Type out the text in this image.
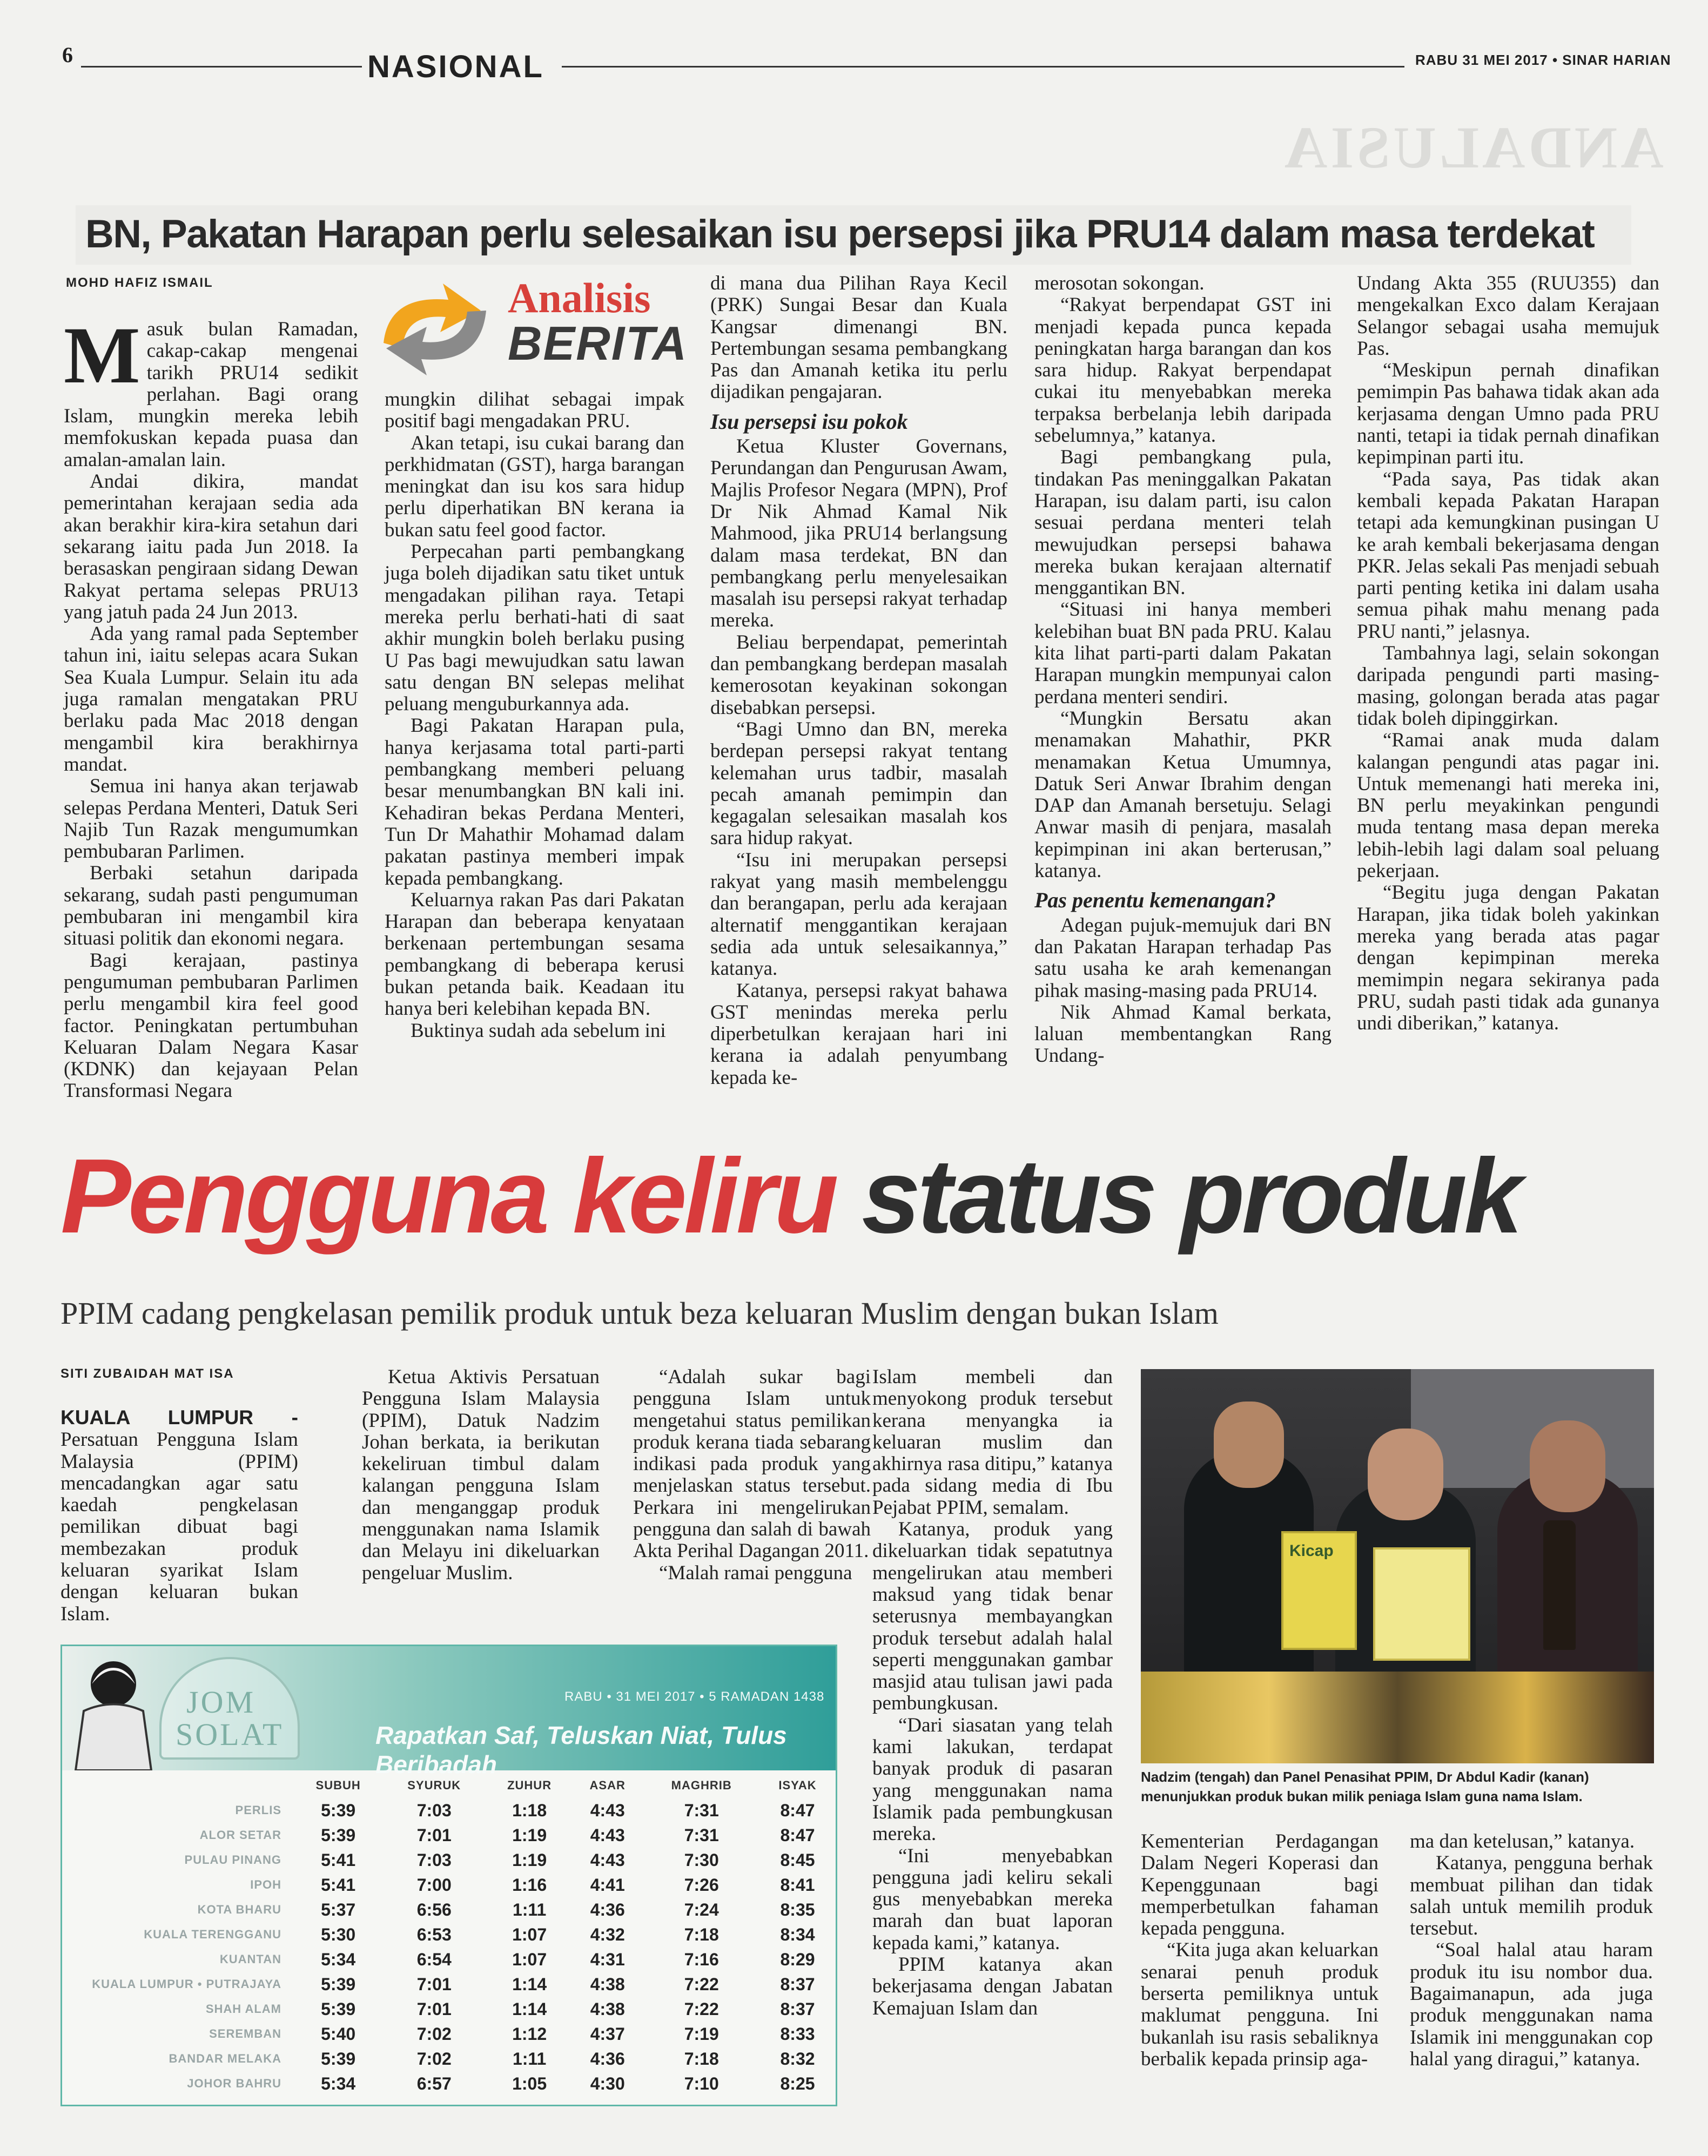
6	NASIONAL	RABU 31 MEI 2017 • SINAR HARIAN
ANDALUSIA
BN, Pakatan Harapan perlu selesaikan isu persepsi jika PRU14 dalam masa terdekat
MOHD HAFIZ ISMAIL	Analisis
BERITA

Masuk bulan Ramadan, cakap-cakap mengenai tarikh PRU14 sedikit perlahan. Bagi orang Islam, mungkin mereka lebih memfokuskan kepada puasa dan amalan-amalan lain.

Andai dikira, mandat pemerintahan kerajaan sedia ada akan berakhir kira-kira setahun dari sekarang iaitu pada Jun 2018. Ia berasaskan pengiraan sidang Dewan Rakyat pertama selepas PRU13 yang jatuh pada 24 Jun 2013.

Ada yang ramal pada September tahun ini, iaitu selepas acara Sukan Sea Kuala Lumpur. Selain itu ada juga ramalan mengatakan PRU berlaku pada Mac 2018 dengan mengambil kira berakhirnya mandat.

Semua ini hanya akan terjawab selepas Perdana Menteri, Datuk Seri Najib Tun Razak mengumumkan pembubaran Parlimen.

Berbaki setahun daripada sekarang, sudah pasti pengumuman pembubaran ini mengambil kira situasi politik dan ekonomi negara.

Bagi kerajaan, pastinya pengumuman pembubaran Parlimen perlu mengambil kira feel good factor. Peningkatan pertumbuhan Keluaran Dalam Negara Kasar (KDNK) dan kejayaan Pelan Transformasi Negara

mungkin dilihat sebagai impak positif bagi mengadakan PRU.

Akan tetapi, isu cukai barang dan perkhidmatan (GST), harga barangan meningkat dan isu kos sara hidup perlu diperhatikan BN kerana ia bukan satu feel good factor.

Perpecahan parti pembangkang juga boleh dijadikan satu tiket untuk mengadakan pilihan raya. Tetapi mereka perlu berhati-hati di saat akhir mungkin boleh berlaku pusing U Pas bagi mewujudkan satu lawan satu dengan BN selepas melihat peluang menguburkannya ada.

Bagi Pakatan Harapan pula, hanya kerjasama total parti-parti pembangkang memberi peluang besar menumbangkan BN kali ini. Kehadiran bekas Perdana Menteri, Tun Dr Mahathir Mohamad dalam pakatan pastinya memberi impak kepada pembangkang.

Keluarnya rakan Pas dari Pakatan Harapan dan beberapa kenyataan berkenaan pertembungan sesama pembangkang di beberapa kerusi bukan petanda baik. Keadaan itu hanya beri kelebihan kepada BN.

Buktinya sudah ada sebelum ini

di mana dua Pilihan Raya Kecil (PRK) Sungai Besar dan Kuala Kangsar dimenangi BN. Pertembungan sesama pembangkang Pas dan Amanah ketika itu perlu dijadikan pengajaran.

Isu persepsi isu pokok

Ketua Kluster Governans, Perundangan dan Pengurusan Awam, Majlis Profesor Negara (MPN), Prof Dr Nik Ahmad Kamal Nik Mahmood, jika PRU14 berlangsung dalam masa terdekat, BN dan pembangkang perlu menyelesaikan masalah isu persepsi rakyat terhadap mereka.

Beliau berpendapat, pemerintah dan pembangkang berdepan masalah kemerosotan keyakinan sokongan disebabkan persepsi.

“Bagi Umno dan BN, mereka berdepan persepsi rakyat tentang kelemahan urus tadbir, masalah pecah amanah pemimpin dan kegagalan selesaikan masalah kos sara hidup rakyat.

“Isu ini merupakan persepsi rakyat yang masih membelenggu dan berangapan, perlu ada kerajaan alternatif menggantikan kerajaan sedia ada untuk selesaikannya,” katanya.

Katanya, persepsi rakyat bahawa GST menindas mereka perlu diperbetulkan kerajaan hari ini kerana ia adalah penyumbang kepada ke-

merosotan sokongan.

“Rakyat berpendapat GST ini menjadi kepada punca kepada peningkatan harga barangan dan kos sara hidup. Rakyat berpendapat cukai itu menyebabkan mereka terpaksa berbelanja lebih daripada sebelumnya,” katanya.

Bagi pembangkang pula, tindakan Pas meninggalkan Pakatan Harapan, isu dalam parti, isu calon sesuai perdana menteri telah mewujudkan persepsi bahawa mereka bukan kerajaan alternatif menggantikan BN.

“Situasi ini hanya memberi kelebihan buat BN pada PRU. Kalau kita lihat parti-parti dalam Pakatan Harapan mungkin mempunyai calon perdana menteri sendiri.

“Mungkin Bersatu akan menamakan Mahathir, PKR menamakan Ketua Umumnya, Datuk Seri Anwar Ibrahim dengan DAP dan Amanah bersetuju. Selagi Anwar masih di penjara, masalah kepimpinan ini akan berterusan,” katanya.

Pas penentu kemenangan?

Adegan pujuk-memujuk dari BN dan Pakatan Harapan terhadap Pas satu usaha ke arah kemenangan pihak masing-masing pada PRU14.

Nik Ahmad Kamal berkata, laluan membentangkan Rang Undang-

Undang Akta 355 (RUU355) dan mengekalkan Exco dalam Kerajaan Selangor sebagai usaha memujuk Pas.

“Meskipun pernah dinafikan pemimpin Pas bahawa tidak akan ada kerjasama dengan Umno pada PRU nanti, tetapi ia tidak pernah dinafikan kepimpinan parti itu.

“Pada saya, Pas tidak akan kembali kepada Pakatan Harapan tetapi ada kemungkinan pusingan U ke arah kembali bekerjasama dengan PKR. Jelas sekali Pas menjadi sebuah parti penting ketika ini dalam usaha semua pihak mahu menang pada PRU nanti,” jelasnya.

Tambahnya lagi, selain sokongan daripada pengundi parti masing-masing, golongan berada atas pagar tidak boleh dipinggirkan.

“Ramai anak muda dalam kalangan pengundi atas pagar ini. Untuk memenangi hati mereka ini, BN perlu meyakinkan pengundi muda tentang masa depan mereka lebih-lebih lagi dalam soal peluang pekerjaan.

“Begitu juga dengan Pakatan Harapan, jika tidak boleh yakinkan mereka yang berada atas pagar dengan kepimpinan mereka memimpin negara sekiranya pada PRU, sudah pasti tidak ada gunanya undi diberikan,” katanya.

Pengguna keliru status produk
PPIM cadang pengkelasan pemilik produk untuk beza keluaran Muslim dengan bukan Islam
SITI ZUBAIDAH MAT ISA

KUALA LUMPUR - Persatuan Pengguna Islam Malaysia (PPIM) mencadangkan agar satu kaedah pengkelasan pemilikan dibuat bagi membezakan produk keluaran syarikat Islam dengan keluaran bukan Islam.

Ketua Aktivis Persatuan Pengguna Islam Malaysia (PPIM), Datuk Nadzim Johan berkata, ia berikutan kekeliruan timbul dalam kalangan pengguna Islam dan menganggap produk menggunakan nama Islamik dan Melayu ini dikeluarkan pengeluar Muslim.

“Adalah sukar bagi pengguna Islam untuk mengetahui status pemilikan produk kerana tiada sebarang indikasi pada produk yang menjelaskan status tersebut. Perkara ini mengelirukan pengguna dan salah di bawah Akta Perihal Dagangan 2011.

“Malah ramai pengguna

Islam membeli dan menyokong produk tersebut kerana menyangka ia keluaran muslim dan akhirnya rasa ditipu,” katanya pada sidang media di Ibu Pejabat PPIM, semalam.

Katanya, produk yang dikeluarkan tidak sepatutnya mengelirukan atau memberi maksud yang tidak benar seterusnya membayangkan produk tersebut adalah halal seperti menggunakan gambar masjid atau tulisan jawi pada pembungkusan.

“Dari siasatan yang telah kami lakukan, terdapat banyak produk di pasaran yang menggunakan nama Islamik pada pembungkusan mereka.

“Ini menyebabkan pengguna jadi keliru sekali gus menyebabkan mereka marah dan buat laporan kepada kami,” katanya.

PPIM katanya akan bekerjasama dengan Jabatan Kemajuan Islam dan

Kicap
Nadzim (tengah) dan Panel Penasihat PPIM, Dr Abdul Kadir (kanan) menunjukkan produk bukan milik peniaga Islam guna nama Islam.

Kementerian Perdagangan Dalam Negeri Koperasi dan Kepenggunaan bagi memperbetulkan fahaman kepada pengguna.

“Kita juga akan keluarkan senarai penuh produk berserta pemiliknya untuk maklumat pengguna. Ini bukanlah isu rasis sebaliknya berbalik kepada prinsip aga-

ma dan ketelusan,” katanya.

Katanya, pengguna berhak membuat pilihan dan tidak salah untuk memilih produk tersebut.

“Soal halal atau haram produk itu isu nombor dua. Bagaimanapun, ada juga produk menggunakan nama Islamik ini menggunakan cop halal yang diragui,” katanya.

JOM
SOLAT
RABU • 31 MEI 2017 • 5 RAMADAN 1438
Rapatkan Saf, Teluskan Niat, Tulus Beribadah
	SUBUH	SYURUK	ZUHUR	ASAR	MAGHRIB	ISYAK
PERLIS	5:39	7:03	1:18	4:43	7:31	8:47
ALOR SETAR	5:39	7:01	1:19	4:43	7:31	8:47
PULAU PINANG	5:41	7:03	1:19	4:43	7:30	8:45
IPOH	5:41	7:00	1:16	4:41	7:26	8:41
KOTA BHARU	5:37	6:56	1:11	4:36	7:24	8:35
KUALA TERENGGANU	5:30	6:53	1:07	4:32	7:18	8:34
KUANTAN	5:34	6:54	1:07	4:31	7:16	8:29
KUALA LUMPUR • PUTRAJAYA	5:39	7:01	1:14	4:38	7:22	8:37
SHAH ALAM	5:39	7:01	1:14	4:38	7:22	8:37
SEREMBAN	5:40	7:02	1:12	4:37	7:19	8:33
BANDAR MELAKA	5:39	7:02	1:11	4:36	7:18	8:32
JOHOR BAHRU	5:34	6:57	1:05	4:30	7:10	8:25
